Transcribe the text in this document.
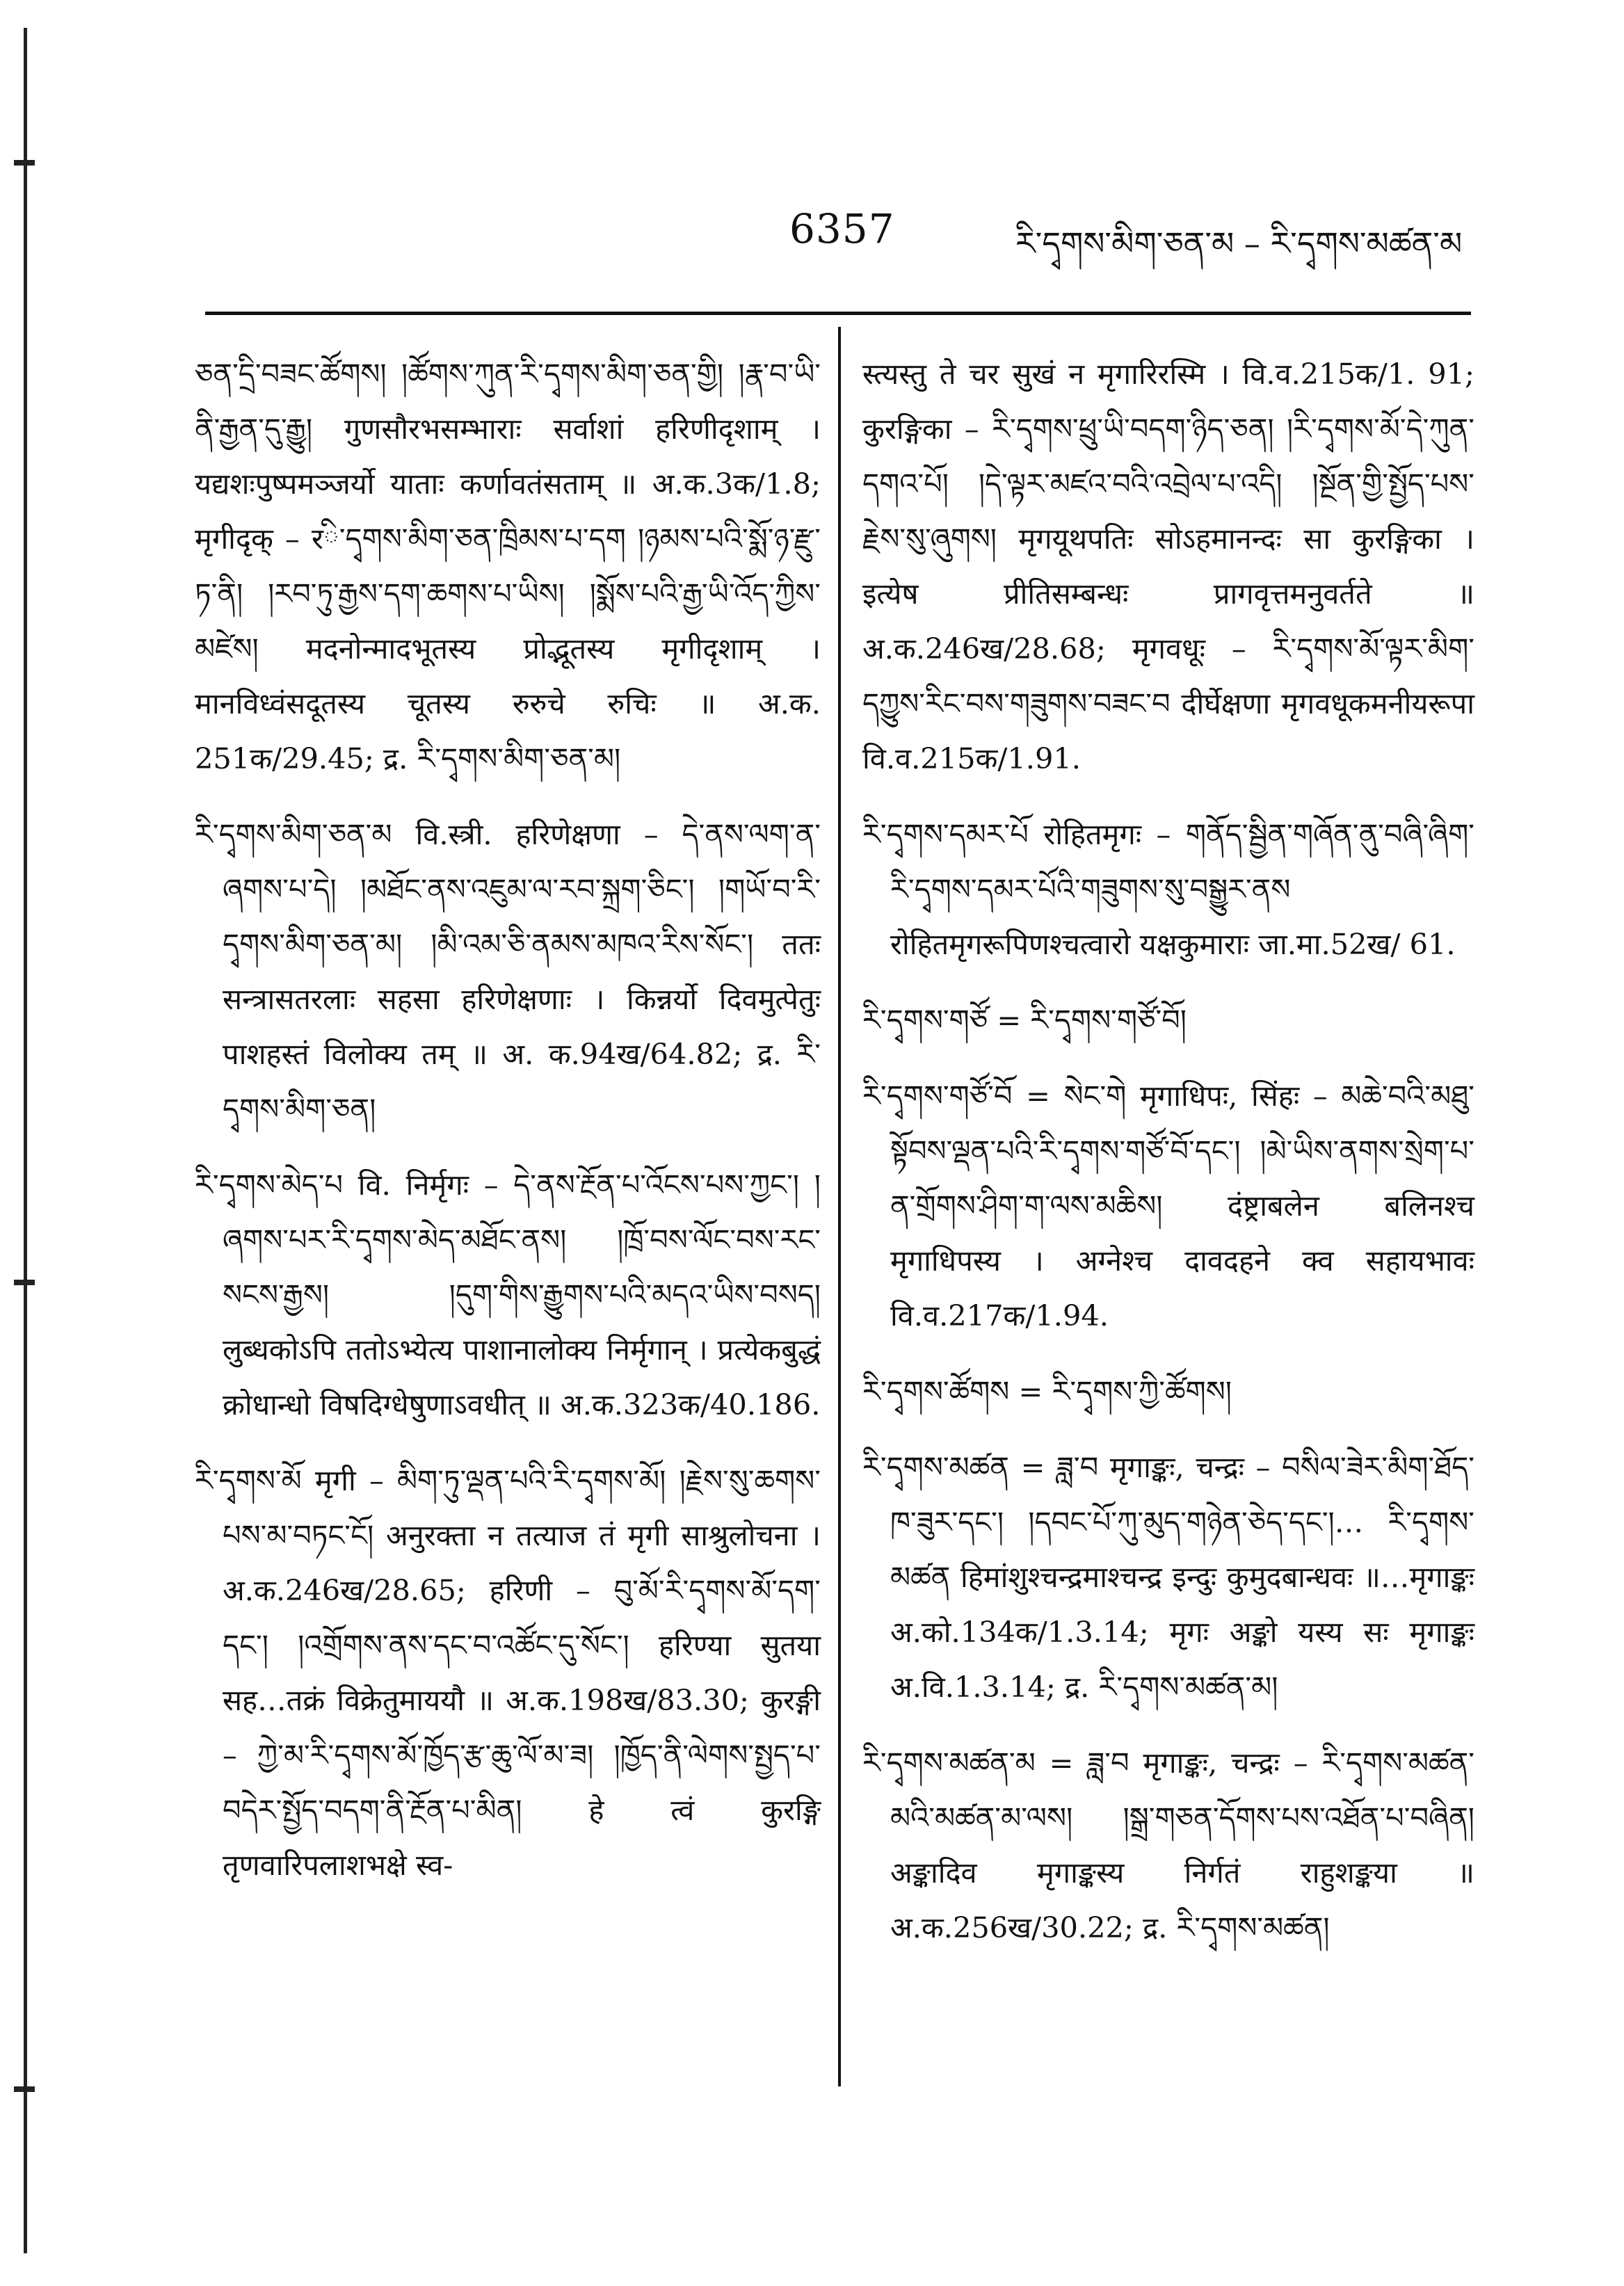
6357	རི་དྭགས་མིག་ཅན་མ – རི་དྭགས་མཚན་མ

ཅན་དྲི་བཟང་ཚོགས། །ཚོགས་ཀུན་རི་དྭགས་མིག་ཅན་གྱི། །རྣ་བ་ཡི་ནི་རྒྱན་དུ་རྒྱུ། गुणसौरभसम्भाराः सर्वाशां हरिणीदृशाम् । यद्यशःपुष्पमञ्जर्यो याताः कर्णावतंसताम् ॥ अ.क.3क/1.8; मृगीदृक् – रི་དྭགས་མིག་ཅན་ཁྲིམས་པ་དག །ཉམས་པའི་སྨོ་ཉ་རྫུ་ཏ་ནི། །རབ་ཏུ་རྒྱས་དག་ཆགས་པ་ཡིས། །སྨོས་པའི་རྒྱ་ཡི་འོད་ཀྱིས་མཛེས། मदनोन्मादभूतस्य प्रोद्भूतस्य मृगीदृशाम् । मानविध्वंसदूतस्य चूतस्य रुरुचे रुचिः ॥ अ.क. 251क/29.45; द्र. རི་དྭགས་མིག་ཅན་མ།

རི་དྭགས་མིག་ཅན་མ वि.स्त्री. हरिणेक्षणा – དེ་ནས་ལག་ན་ཞགས་པ་དེ། །མཐོང་ནས་འཇུམ་ལ་རབ་སྐྲག་ཅིང་། །གཡོ་བ་རི་དྭགས་མིག་ཅན་མ། །མི་འམ་ཅི་ནམས་མཁའ་རིས་སོང་། ततः सन्त्रासतरलाः सहसा हरिणेक्षणाः । किन्नर्यो दिवमुत्पेतुः पाशहस्तं विलोक्य तम् ॥ अ. क.94ख/64.82; द्र. རི་དྭགས་མིག་ཅན།

རི་དྭགས་མེད་པ वि. निर्मृगः – དེ་ནས་རྔོན་པ་འོངས་པས་ཀྱང་། །ཞགས་པར་རི་དྭགས་མེད་མཐོང་ནས། །ཁྲོ་བས་ལོང་བས་རང་སངས་རྒྱས། །དུག་གིས་རྒྱུགས་པའི་མདའ་ཡིས་བསད། लुब्धकोऽपि ततोऽभ्येत्य पाशानालोक्य निर्मृगान् । प्रत्येकबुद्धं क्रोधान्धो विषदिग्धेषुणाऽवधीत् ॥ अ.क.323क/40.186.

རི་དྭགས་མོ मृगी – མིག་ཏུ་ལྡན་པའི་རི་དྭགས་མོ། །རྗེས་སུ་ཆགས་པས་མ་བཏང་ངོ། अनुरक्ता न तत्याज तं मृगी साश्रुलोचना । अ.क.246ख/28.65; हरिणी – བུ་མོ་རི་དྭགས་མོ་དག་དང་། །འགྲོགས་ནས་དང་བ་འཚོང་དུ་སོང་། हरिण्या सुतया सह…तक्रं विक्रेतुमाययौ ॥ अ.क.198ख/83.30; कुरङ्गी – ཀྱེ་མ་རི་དྭགས་མོ་ཁྱོད་རྩ་ཆུ་ལོ་མ་ཟ། །ཁྱོད་ནི་ལེགས་སྤྱད་པ་བདེར་སྤྱོད་བདག་ནི་རྔོན་པ་མིན། हे त्वं कुरङ्गि तृणवारिपलाशभक्षे स्व-

स्त्यस्तु ते चर सुखं न मृगारिरस्मि । वि.व.215क/1. 91; कुरङ्गिका – རི་དྭགས་ཕྲུ་ཡི་བདག་ཉིད་ཅན། །རི་དྭགས་མོ་དེ་ཀུན་དགའ་པོ། །དེ་ལྟར་མཛའ་བའི་འབྲེལ་པ་འདི། །སྔོན་གྱི་སྤྱོད་པས་རྗེས་སུ་ཞུགས། मृगयूथपतिः सोऽहमानन्दः सा कुरङ्गिका । इत्येष प्रीतिसम्बन्धः प्रागवृत्तमनुवर्तते ॥ अ.क.246ख/28.68; मृगवधूः – རི་དྭགས་མོ་ལྟར་མིག་དཀྱུས་རིང་བས་གཟུགས་བཟང་བ दीर्घेक्षणा मृगवधूकमनीयरूपा वि.व.215क/1.91.

རི་དྭགས་དམར་པོ रोहितमृगः – གནོད་སྦྱིན་གཞོན་ནུ་བཞི་ཞིག་རི་དྭགས་དམར་པོའི་གཟུགས་སུ་བསྒྱུར་ནས रोहितमृगरूपिणश्चत्वारो यक्षकुमाराः जा.मा.52ख/ 61.

རི་དྭགས་གཙོ = རི་དྭགས་གཙོ་བོ།

རི་དྭགས་གཙོ་བོ = སེང་གེ मृगाधिपः, सिंहः – མཆེ་བའི་མཐུ་སྟོབས་ལྡན་པའི་རི་དྭགས་གཙོ་བོ་དང་། །མེ་ཡིས་ནགས་སྲེག་པ་ན་གྲོགས་ཤིག་ག་ལས་མཆིས། दंष्ट्राबलेन बलिनश्च मृगाधिपस्य । अग्नेश्च दावदहने क्व सहायभावः वि.व.217क/1.94.

རི་དྭགས་ཚོགས = རི་དྭགས་ཀྱི་ཚོགས།

རི་དྭགས་མཚན = ཟླ་བ मृगाङ्कः, चन्द्रः – བསིལ་ཟེར་མིག་ཐོད་ཁ་ཟུར་དང་། །དབང་པོ་ཀུ་མུད་གཉེན་ཅེད་དང་།… རི་དྭགས་མཚན हिमांशुश्चन्द्रमाश्चन्द्र इन्दुः कुमुदबान्धवः ॥…मृगाङ्कः अ.को.134क/1.3.14; मृगः अङ्को यस्य सः मृगाङ्कः अ.वि.1.3.14; द्र. རི་དྭགས་མཚན་མ།

རི་དྭགས་མཚན་མ = ཟླ་བ मृगाङ्कः, चन्द्रः – རི་དྭགས་མཚན་མའི་མཚན་མ་ལས། །སྒྲ་གཅན་དོགས་པས་འཐོན་པ་བཞིན། अङ्कादिव मृगाङ्कस्य निर्गतं राहुशङ्कया ॥ अ.क.256ख/30.22; द्र. རི་དྭགས་མཚན།
